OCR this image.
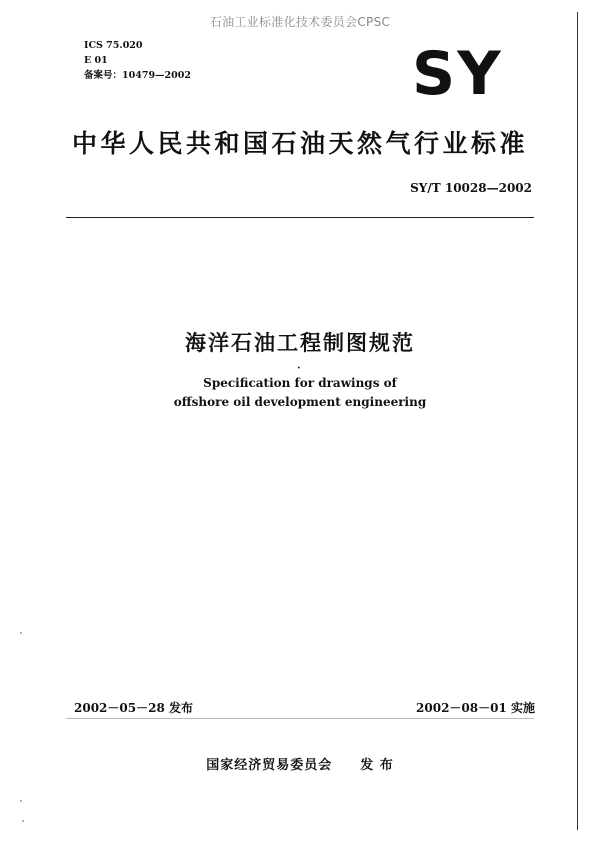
石油工业标准化技术委员会CPSC
ICS 75.020
E 01
备案号：10479—2002	SY
中华人民共和国石油天然气行业标准
SY/T 10028—2002
海洋石油工程制图规范
·
Specification for drawings of
offshore oil development engineering
2002－05－28 发布	2002－08－01 实施
国家经济贸易委员会 发 布
